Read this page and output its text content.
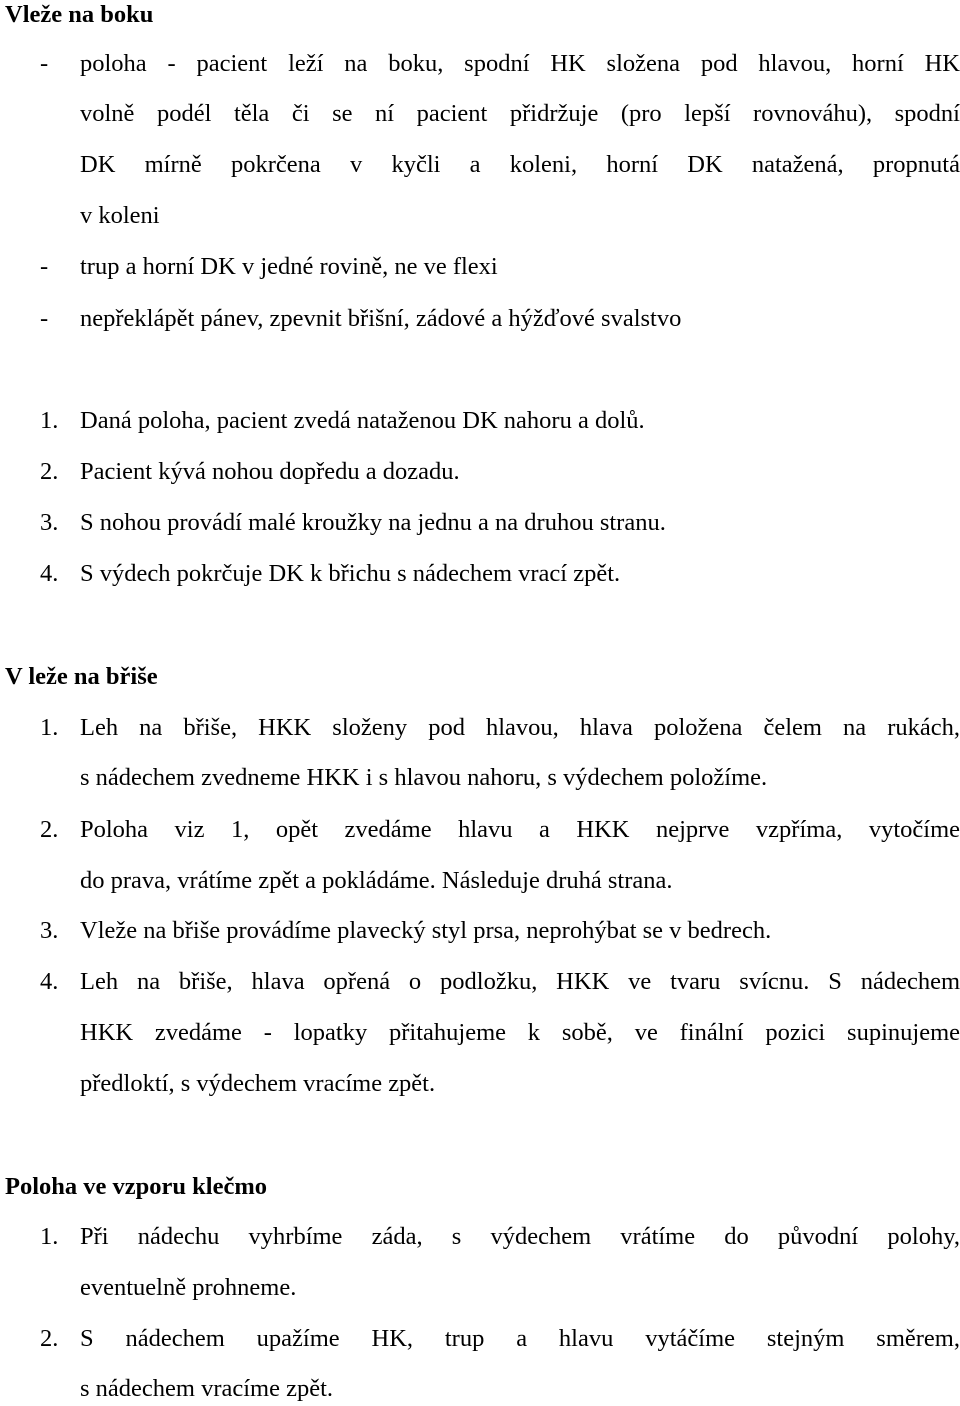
Vleže na boku
- poloha - pacient leží na boku, spodní HK složena pod hlavou, horní HK
volně podél těla či se ní pacient přidržuje (pro lepší rovnováhu), spodní
DK mírně pokrčena v kyčli a koleni, horní DK natažená, propnutá
v koleni
- trup a horní DK v jedné rovině, ne ve flexi
- nepřeklápět pánev, zpevnit břišní, zádové a hýžďové svalstvo
1. Daná poloha, pacient zvedá nataženou DK nahoru a dolů.
2. Pacient kývá nohou dopředu a dozadu.
3. S nohou provádí malé kroužky na jednu a na druhou stranu.
4. S výdech pokrčuje DK k břichu s nádechem vrací zpět.
V leže na břiše
1. Leh na břiše, HKK složeny pod hlavou, hlava položena čelem na rukách,
s nádechem zvedneme HKK i s hlavou nahoru, s výdechem položíme.
2. Poloha viz 1, opět zvedáme hlavu a HKK nejprve vzpříma, vytočíme
do prava, vrátíme zpět a pokládáme. Následuje druhá strana.
3. Vleže na břiše provádíme plavecký styl prsa, neprohýbat se v bedrech.
4. Leh na břiše, hlava opřená o podložku, HKK ve tvaru svícnu. S nádechem
HKK zvedáme - lopatky přitahujeme k sobě, ve finální pozici supinujeme
předloktí, s výdechem vracíme zpět.
Poloha ve vzporu klečmo
1. Při nádechu vyhrbíme záda, s výdechem vrátíme do původní polohy,
eventuelně prohneme.
2. S nádechem upažíme HK, trup a hlavu vytáčíme stejným směrem,
s nádechem vracíme zpět.
